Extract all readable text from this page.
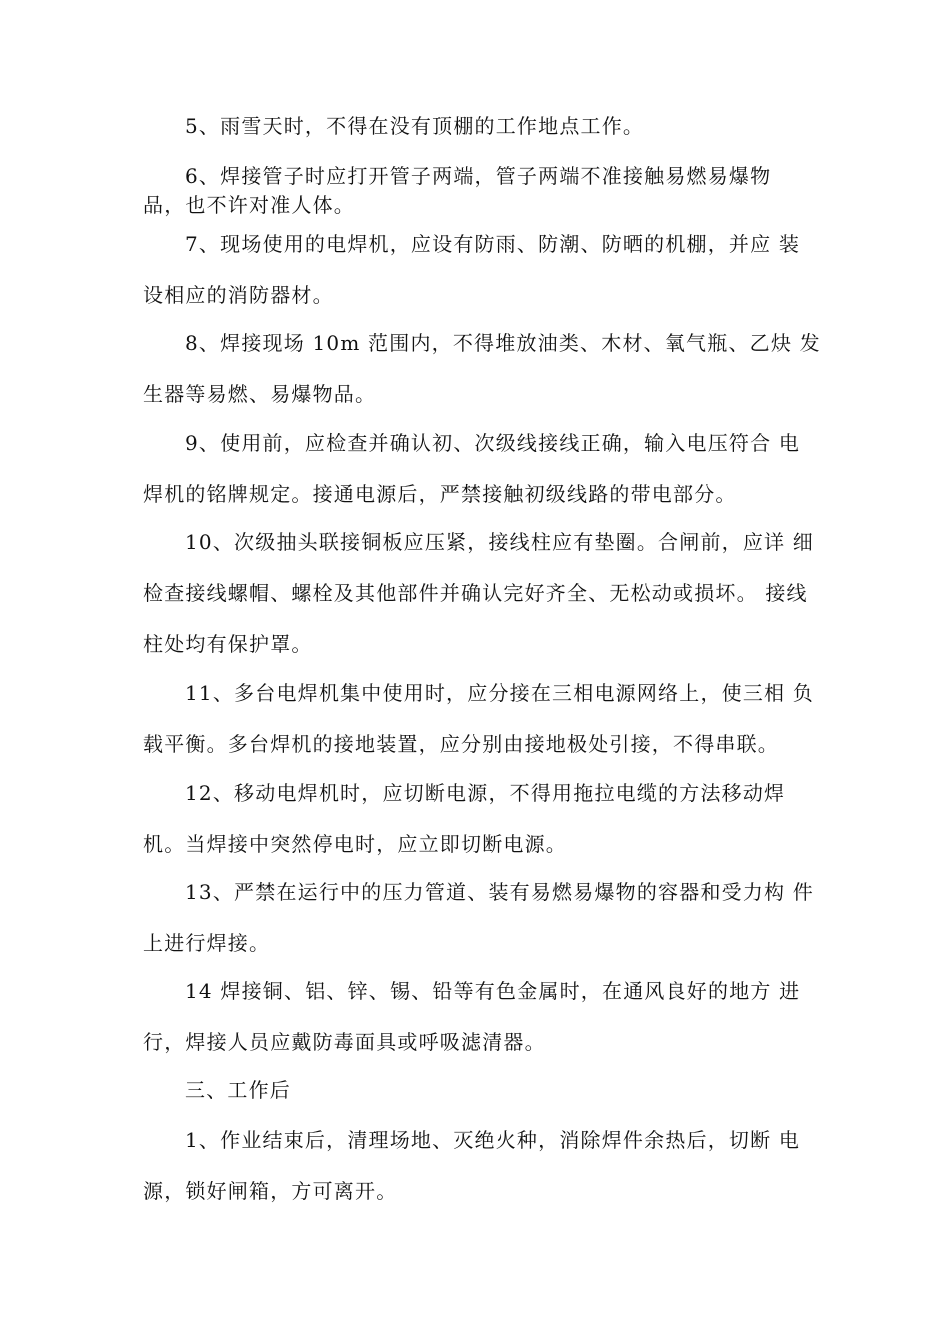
5、雨雪天时，不得在没有顶棚的工作地点工作。
6、焊接管子时应打开管子两端，管子两端不准接触易燃易爆物
品，也不许对准人体。
7、现场使用的电焊机，应设有防雨、防潮、防晒的机棚，并应 装
设相应的消防器材。
8、焊接现场 10m 范围内，不得堆放油类、木材、氧气瓶、乙炔 发
生器等易燃、易爆物品。
9、使用前，应检查并确认初、次级线接线正确，输入电压符合 电
焊机的铭牌规定。接通电源后，严禁接触初级线路的带电部分。
10、次级抽头联接铜板应压紧，接线柱应有垫圈。合闸前，应详 细
检查接线螺帽、螺栓及其他部件并确认完好齐全、无松动或损坏。 接线
柱处均有保护罩。
11、多台电焊机集中使用时，应分接在三相电源网络上，使三相 负
载平衡。多台焊机的接地装置，应分别由接地极处引接，不得串联。
12、移动电焊机时，应切断电源，不得用拖拉电缆的方法移动焊
机。当焊接中突然停电时，应立即切断电源。
13、严禁在运行中的压力管道、装有易燃易爆物的容器和受力构 件
上进行焊接。
14 焊接铜、铝、锌、锡、铅等有色金属时，在通风良好的地方 进
行，焊接人员应戴防毒面具或呼吸滤清器。
三、工作后
1、作业结束后，清理场地、灭绝火种，消除焊件余热后，切断 电
源，锁好闸箱，方可离开。
